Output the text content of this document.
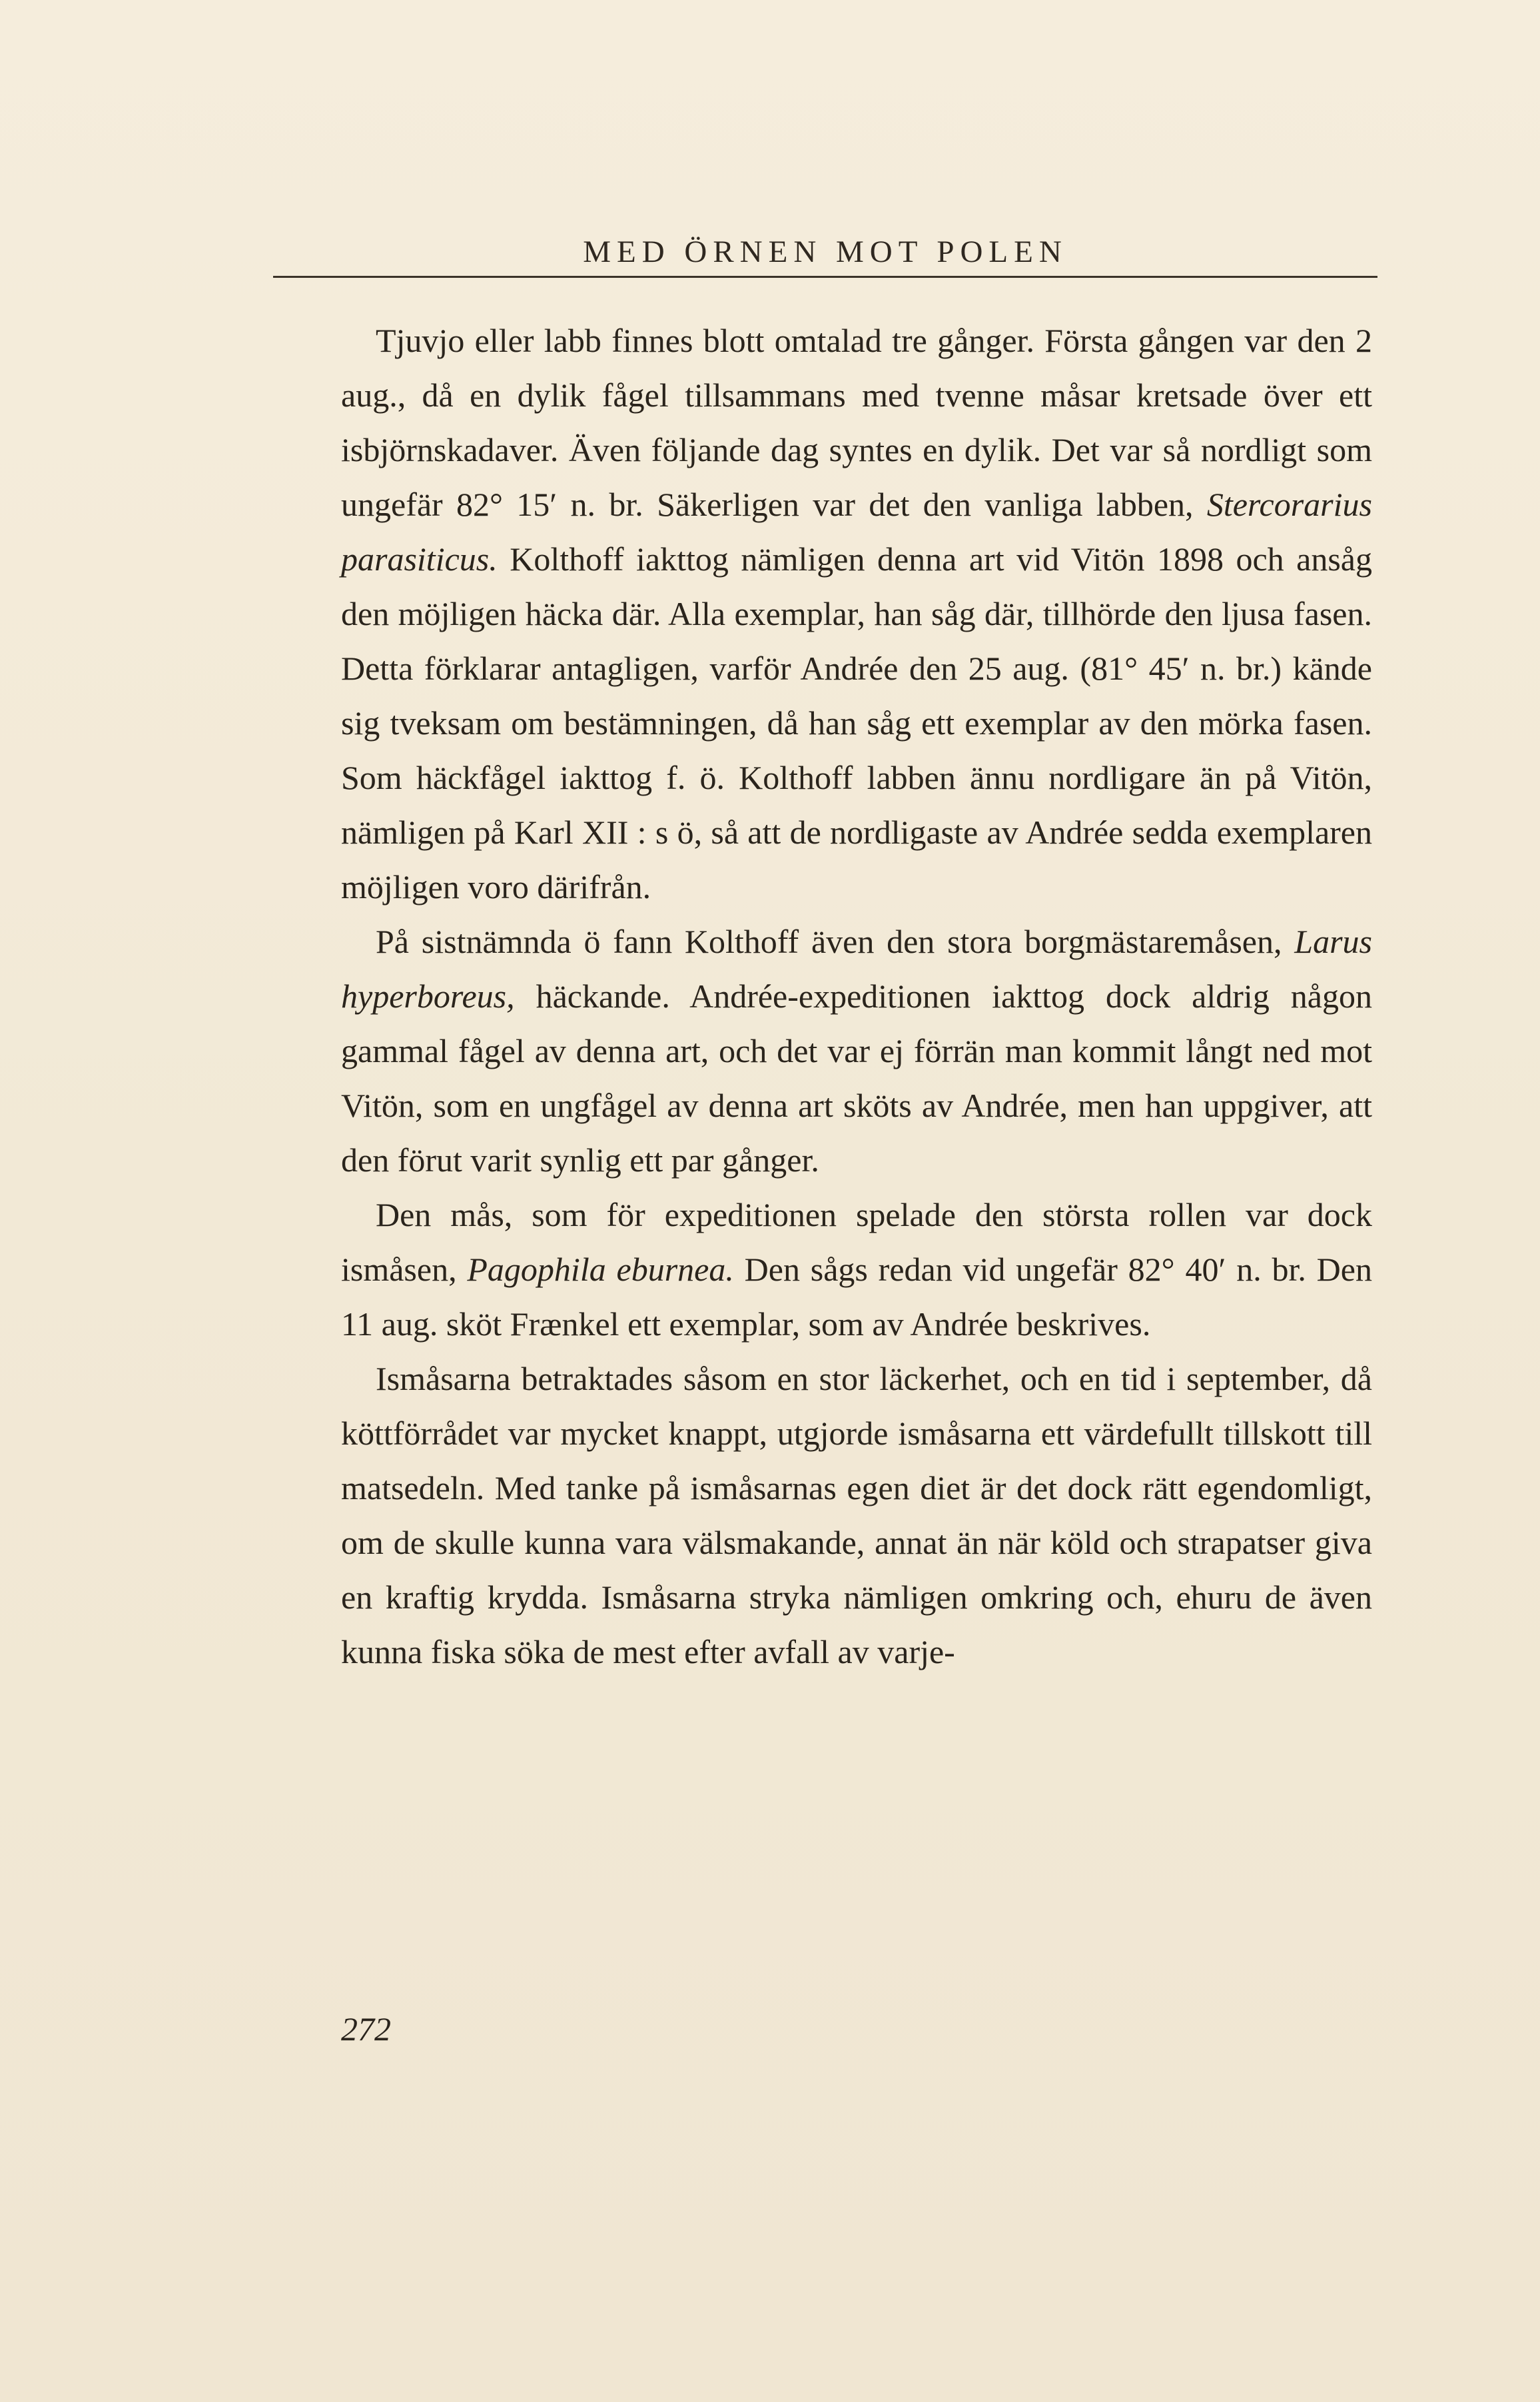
MED ÖRNEN MOT POLEN

Tjuvjo eller labb finnes blott omtalad tre gånger. Första gången var den 2 aug., då en dylik fågel tillsammans med tvenne måsar kretsade över ett isbjörnskadaver. Även följande dag syntes en dylik. Det var så nordligt som ungefär 82° 15′ n. br. Säkerligen var det den vanliga labben, Stercorarius parasiticus. Kolthoff iakttog nämligen denna art vid Vitön 1898 och ansåg den möjligen häcka där. Alla exemplar, han såg där, tillhörde den ljusa fasen. Detta förklarar antagligen, varför Andrée den 25 aug. (81° 45′ n. br.) kände sig tveksam om bestämningen, då han såg ett exemplar av den mörka fasen. Som häckfågel iakttog f. ö. Kolthoff labben ännu nordligare än på Vitön, nämligen på Karl XII : s ö, så att de nordligaste av Andrée sedda exemplaren möjligen voro därifrån.

På sistnämnda ö fann Kolthoff även den stora borgmästaremåsen, Larus hyperboreus, häckande. Andrée-expeditionen iakttog dock aldrig någon gammal fågel av denna art, och det var ej förrän man kommit långt ned mot Vitön, som en ungfågel av denna art sköts av Andrée, men han uppgiver, att den förut varit synlig ett par gånger.

Den mås, som för expeditionen spelade den största rollen var dock ismåsen, Pagophila eburnea. Den sågs redan vid ungefär 82° 40′ n. br. Den 11 aug. sköt Frænkel ett exemplar, som av Andrée beskrives.

Ismåsarna betraktades såsom en stor läckerhet, och en tid i september, då köttförrådet var mycket knappt, utgjorde ismåsarna ett värdefullt tillskott till matsedeln. Med tanke på ismåsarnas egen diet är det dock rätt egendomligt, om de skulle kunna vara välsmakande, annat än när köld och strapatser giva en kraftig krydda. Ismåsarna stryka nämligen omkring och, ehuru de även kunna fiska söka de mest efter avfall av varje-

272
